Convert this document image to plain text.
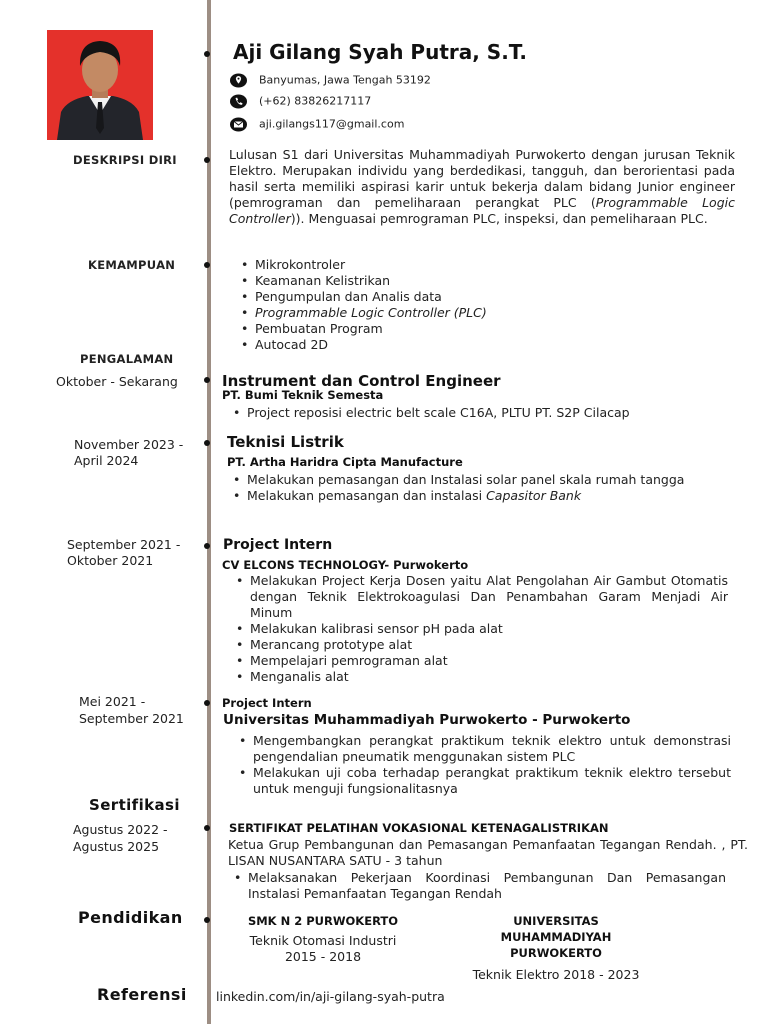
Aji Gilang Syah Putra, S.T.
Banyumas, Jawa Tengah 53192
(+62) 83826217117
aji.gilangs117@gmail.com
DESKRIPSI DIRI	Lulusan S1 dari Universitas Muhammadiyah Purwokerto dengan jurusan Teknik Elektro. Merupakan individu yang berdedikasi, tangguh, dan berorientasi pada hasil serta memiliki aspirasi karir untuk bekerja dalam bidang Junior engineer (pemrograman dan pemeliharaan perangkat PLC (Programmable Logic Controller)). Menguasai pemrograman PLC, inspeksi, dan pemeliharaan PLC.
KEMAMPUAN
•	Mikrokontroler
• Keamanan Kelistrikan
• Pengumpulan dan Analis data
• Programmable Logic Controller (PLC)
• Pembuatan Program
• Autocad 2D
PENGALAMAN
Oktober - Sekarang	Instrument dan Control Engineer
PT. Bumi Teknik Semesta
• Project reposisi electric belt scale C16A, PLTU PT. S2P Cilacap
November 2023 -
April 2024
Teknisi Listrik
PT. Artha Haridra Cipta Manufacture
• Melakukan pemasangan dan Instalasi solar panel skala rumah tangga
• Melakukan pemasangan dan instalasi Capasitor Bank
September 2021 -
Oktober 2021
Project Intern
CV ELCONS TECHNOLOGY- Purwokerto
• Melakukan Project Kerja Dosen yaitu Alat Pengolahan Air Gambut Otomatis dengan Teknik Elektrokoagulasi Dan Penambahan Garam Menjadi Air Minum
• Melakukan kalibrasi sensor pH pada alat
• Merancang prototype alat
• Mempelajari pemrograman alat
• Menganalis alat
Mei 2021 -
September 2021
Project Intern
Universitas Muhammadiyah Purwokerto - Purwokerto
• Mengembangkan perangkat praktikum teknik elektro untuk demonstrasi pengendalian pneumatik menggunakan sistem PLC
• Melakukan uji coba terhadap perangkat praktikum teknik elektro tersebut untuk menguji fungsionalitasnya
Sertifikasi
Agustus 2022 -
Agustus 2025
SERTIFIKAT PELATIHAN VOKASIONAL KETENAGALISTRIKAN
Ketua Grup Pembangunan dan Pemasangan Pemanfaatan Tegangan Rendah. , PT. LISAN NUSANTARA SATU - 3 tahun
• Melaksanakan Pekerjaan Koordinasi Pembangunan Dan Pemasangan Instalasi Pemanfaatan Tegangan Rendah
Pendidikan	SMK N 2 PURWOKERTO
Teknik Otomasi Industri
2015 - 2018
UNIVERSITAS MUHAMMADIYAH PURWOKERTO
Teknik Elektro 2018 - 2023
Referensi linkedin.com/in/aji-gilang-syah-putra
